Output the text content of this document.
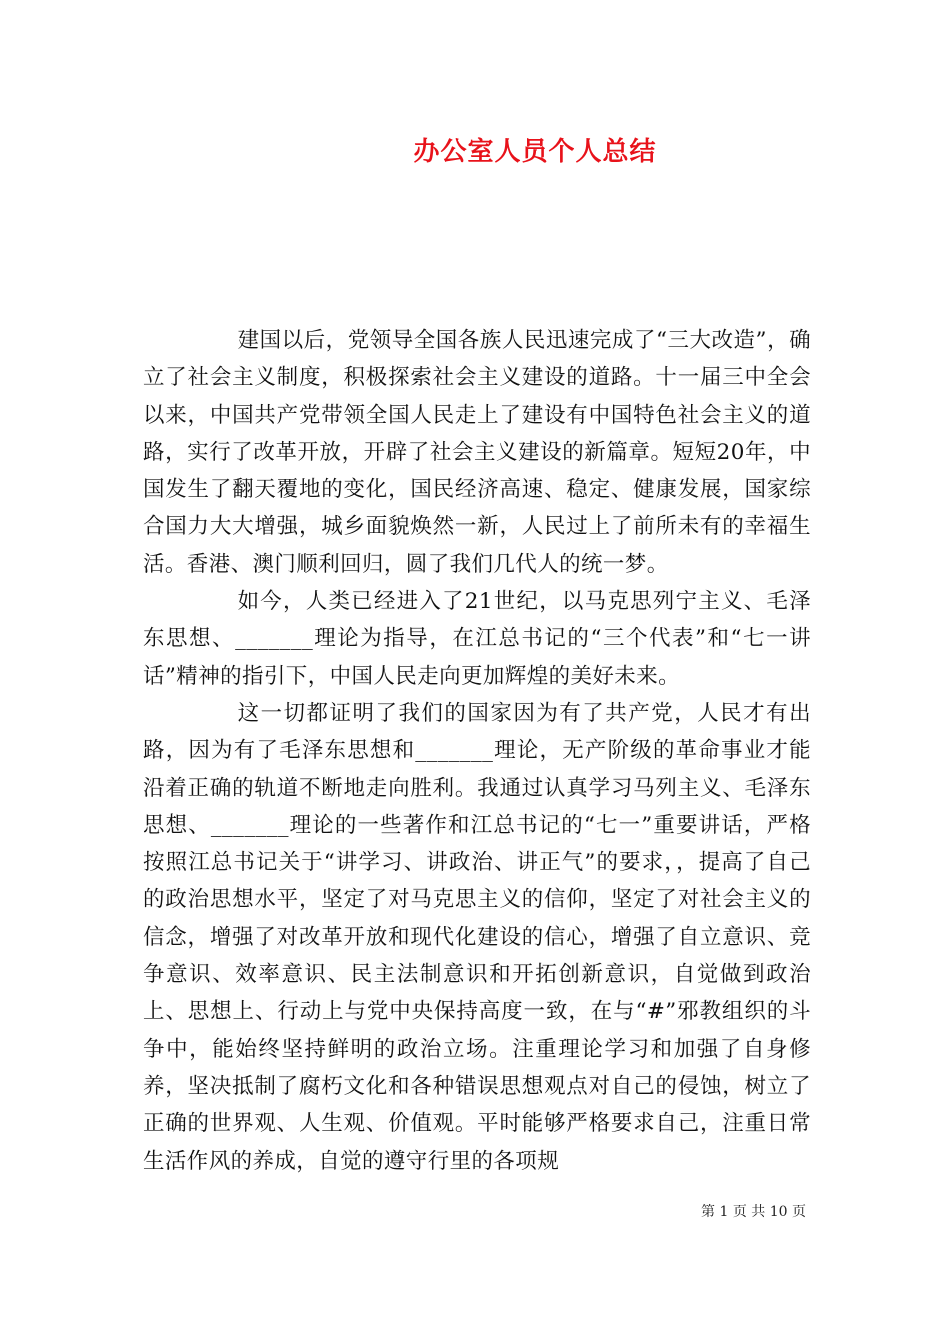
办公室人员个人总结

建国以后，党领导全国各族人民迅速完成了“三大改造”，确立了社会主义制度，积极探索社会主义建设的道路。十一届三中全会以来，中国共产党带领全国人民走上了建设有中国特色社会主义的道路，实行了改革开放，开辟了社会主义建设的新篇章。短短20年，中国发生了翻天覆地的变化，国民经济高速、稳定、健康发展，国家综合国力大大增强，城乡面貌焕然一新，人民过上了前所未有的幸福生活。香港、澳门顺利回归，圆了我们几代人的统一梦。

如今，人类已经进入了21世纪，以马克思列宁主义、毛泽东思想、_______理论为指导，在江总书记的“三个代表”和“七一讲话”精神的指引下，中国人民走向更加辉煌的美好未来。

这一切都证明了我们的国家因为有了共产党，人民才有出路，因为有了毛泽东思想和_______理论，无产阶级的革命事业才能沿着正确的轨道不断地走向胜利。我通过认真学习马列主义、毛泽东思想、_______理论的一些著作和江总书记的“七一”重要讲话，严格按照江总书记关于“讲学习、讲政治、讲正气”的要求，，提高了自己的政治思想水平，坚定了对马克思主义的信仰，坚定了对社会主义的信念，增强了对改革开放和现代化建设的信心，增强了自立意识、竞争意识、效率意识、民主法制意识和开拓创新意识，自觉做到政治上、思想上、行动上与党中央保持高度一致，在与“#”邪教组织的斗争中，能始终坚持鲜明的政治立场。注重理论学习和加强了自身修养，坚决抵制了腐朽文化和各种错误思想观点对自己的侵蚀，树立了正确的世界观、人生观、价值观。平时能够严格要求自己，注重日常生活作风的养成，自觉的遵守行里的各项规

第 1 页 共 10 页
